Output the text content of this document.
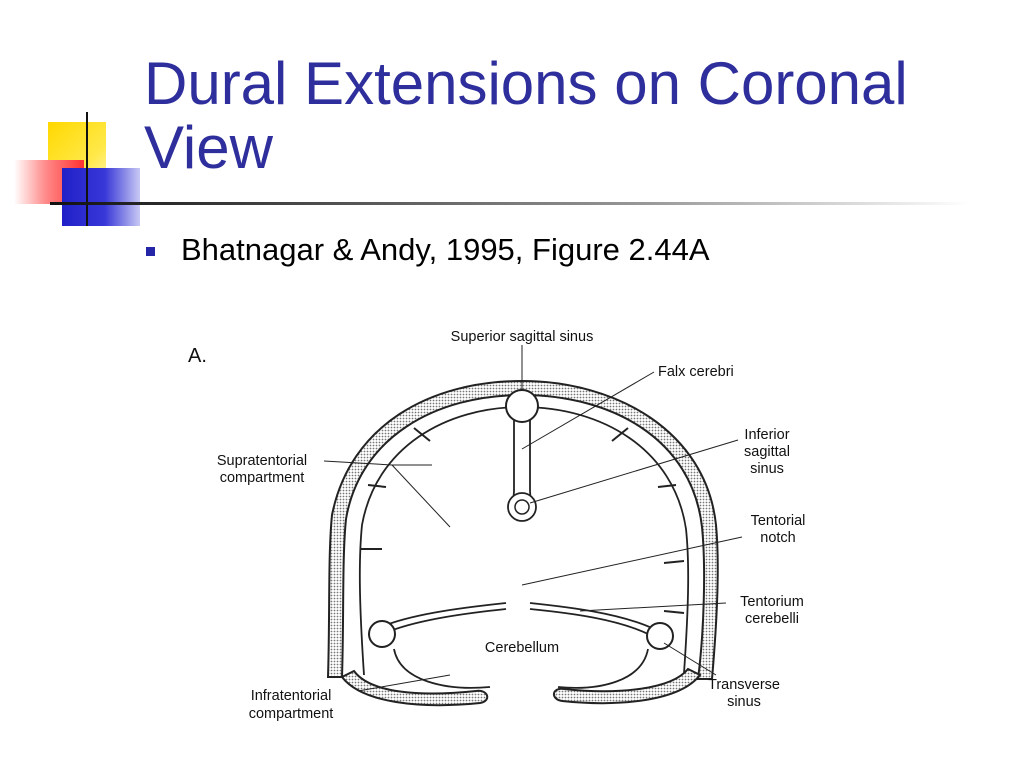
Dural Extensions on Coronal View
Bhatnagar & Andy, 1995, Figure 2.44A
A.
Superior sagittal sinus
Falx cerebri
Inferior
sagittal
sinus
Supratentorial
compartment
Tentorial
notch
Tentorium
cerebelli
Cerebellum
Infratentorial
compartment
Transverse
sinus
